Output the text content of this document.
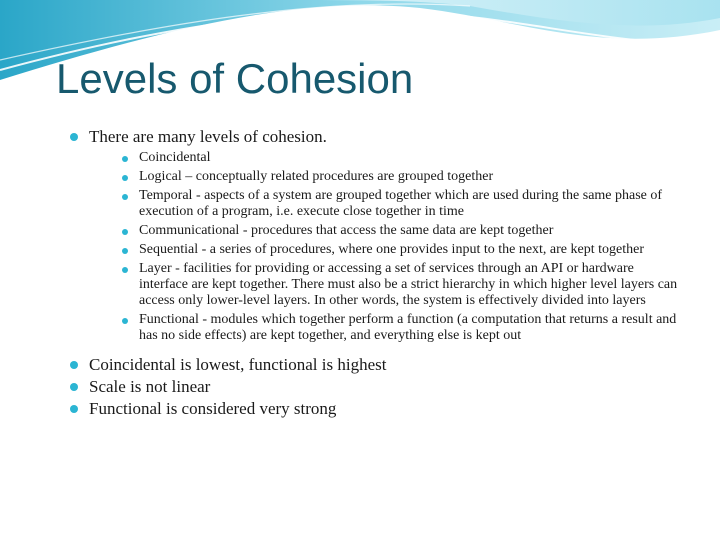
Levels of Cohesion
There are many levels of cohesion.
Coincidental
Logical – conceptually related procedures are grouped together
Temporal - aspects of a system are grouped together which are used during the same phase of execution of a program, i.e. execute close together in time
Communicational - procedures that access the same data are kept together
Sequential - a series of procedures, where one provides input to the next, are kept together
Layer - facilities for providing or accessing a set of services through an API or hardware interface are kept together. There must also be a strict hierarchy in which higher level layers can access only lower-level layers. In other words, the system is effectively divided into layers
Functional - modules which together perform a function (a computation that returns a result and has no side effects) are kept together, and everything else is kept out
Coincidental is lowest, functional is highest
Scale is not linear
Functional is considered very strong
